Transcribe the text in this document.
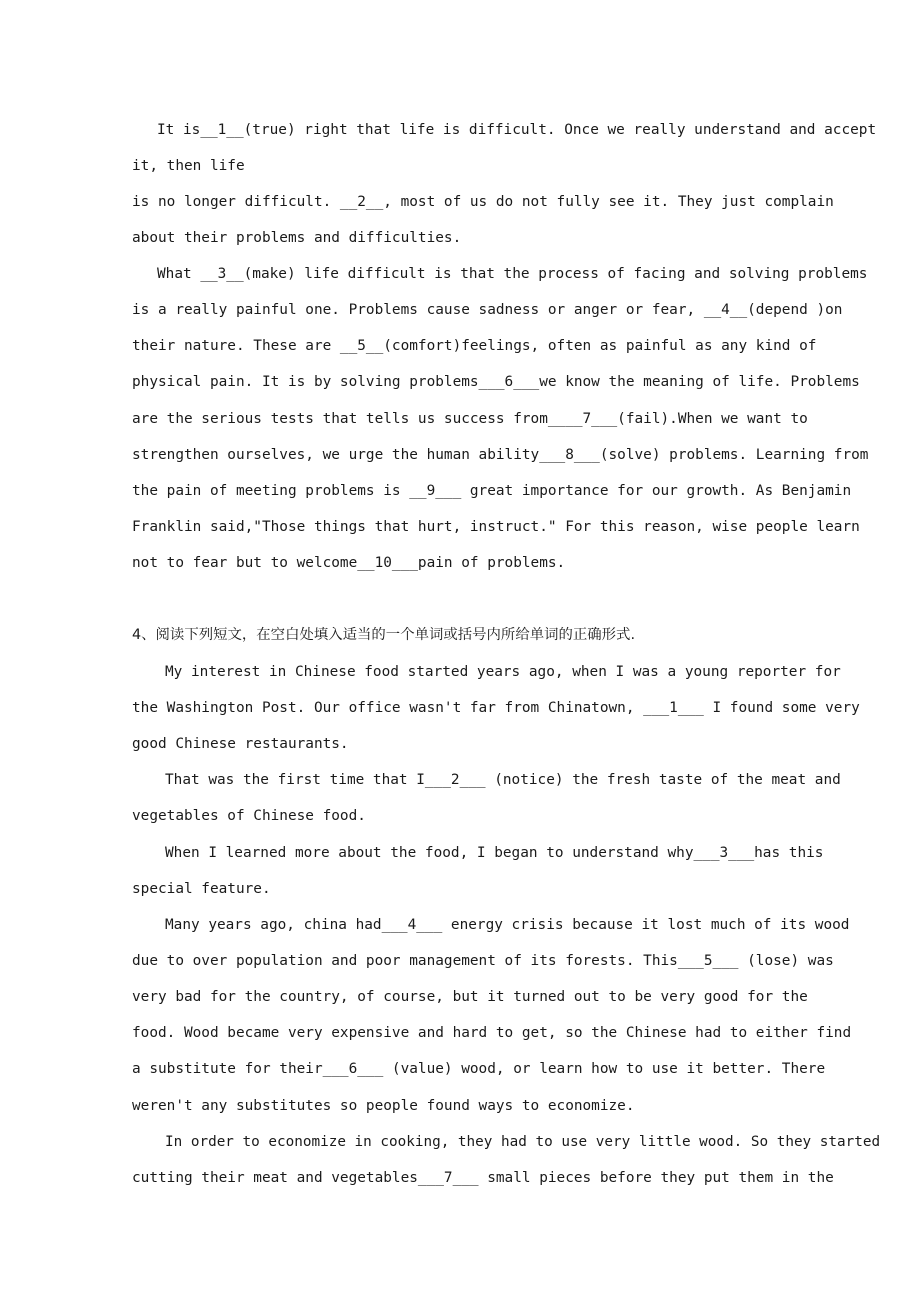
It is__1__(true) right that life is difficult. Once we really understand and accept
it, then life
is no longer difficult. __2__, most of us do not fully see it. They just complain
about their problems and difficulties.
What __3__(make) life difficult is that the process of facing and solving problems
is a really painful one. Problems cause sadness or anger or fear, __4__(depend )on
their nature. These are __5__(comfort)feelings, often as painful as any kind of
physical pain. It is by solving problems___6___we know the meaning of life. Problems
are the serious tests that tells us success from____7___(fail).When we want to
strengthen ourselves, we urge the human ability___8___(solve) problems. Learning from
the pain of meeting problems is __9___ great importance for our growth. As Benjamin
Franklin said,"Those things that hurt, instruct." For this reason, wise people learn
not to fear but to welcome__10___pain of problems.
4、阅读下列短文，在空白处填入适当的一个单词或括号内所给单词的正确形式.
My interest in Chinese food started years ago, when I was a young reporter for
the Washington Post. Our office wasn't far from Chinatown, ___1___ I found some very
good Chinese restaurants.
That was the first time that I___2___ (notice) the fresh taste of the meat and
vegetables of Chinese food.
When I learned more about the food, I began to understand why___3___has this
special feature.
Many years ago, china had___4___ energy crisis because it lost much of its wood
due to over population and poor management of its forests. This___5___ (lose) was
very bad for the country, of course, but it turned out to be very good for the
food. Wood became very expensive and hard to get, so the Chinese had to either find
a substitute for their___6___ (value) wood, or learn how to use it better. There
weren't any substitutes so people found ways to economize.
In order to economize in cooking, they had to use very little wood. So they started
cutting their meat and vegetables___7___ small pieces before they put them in the
